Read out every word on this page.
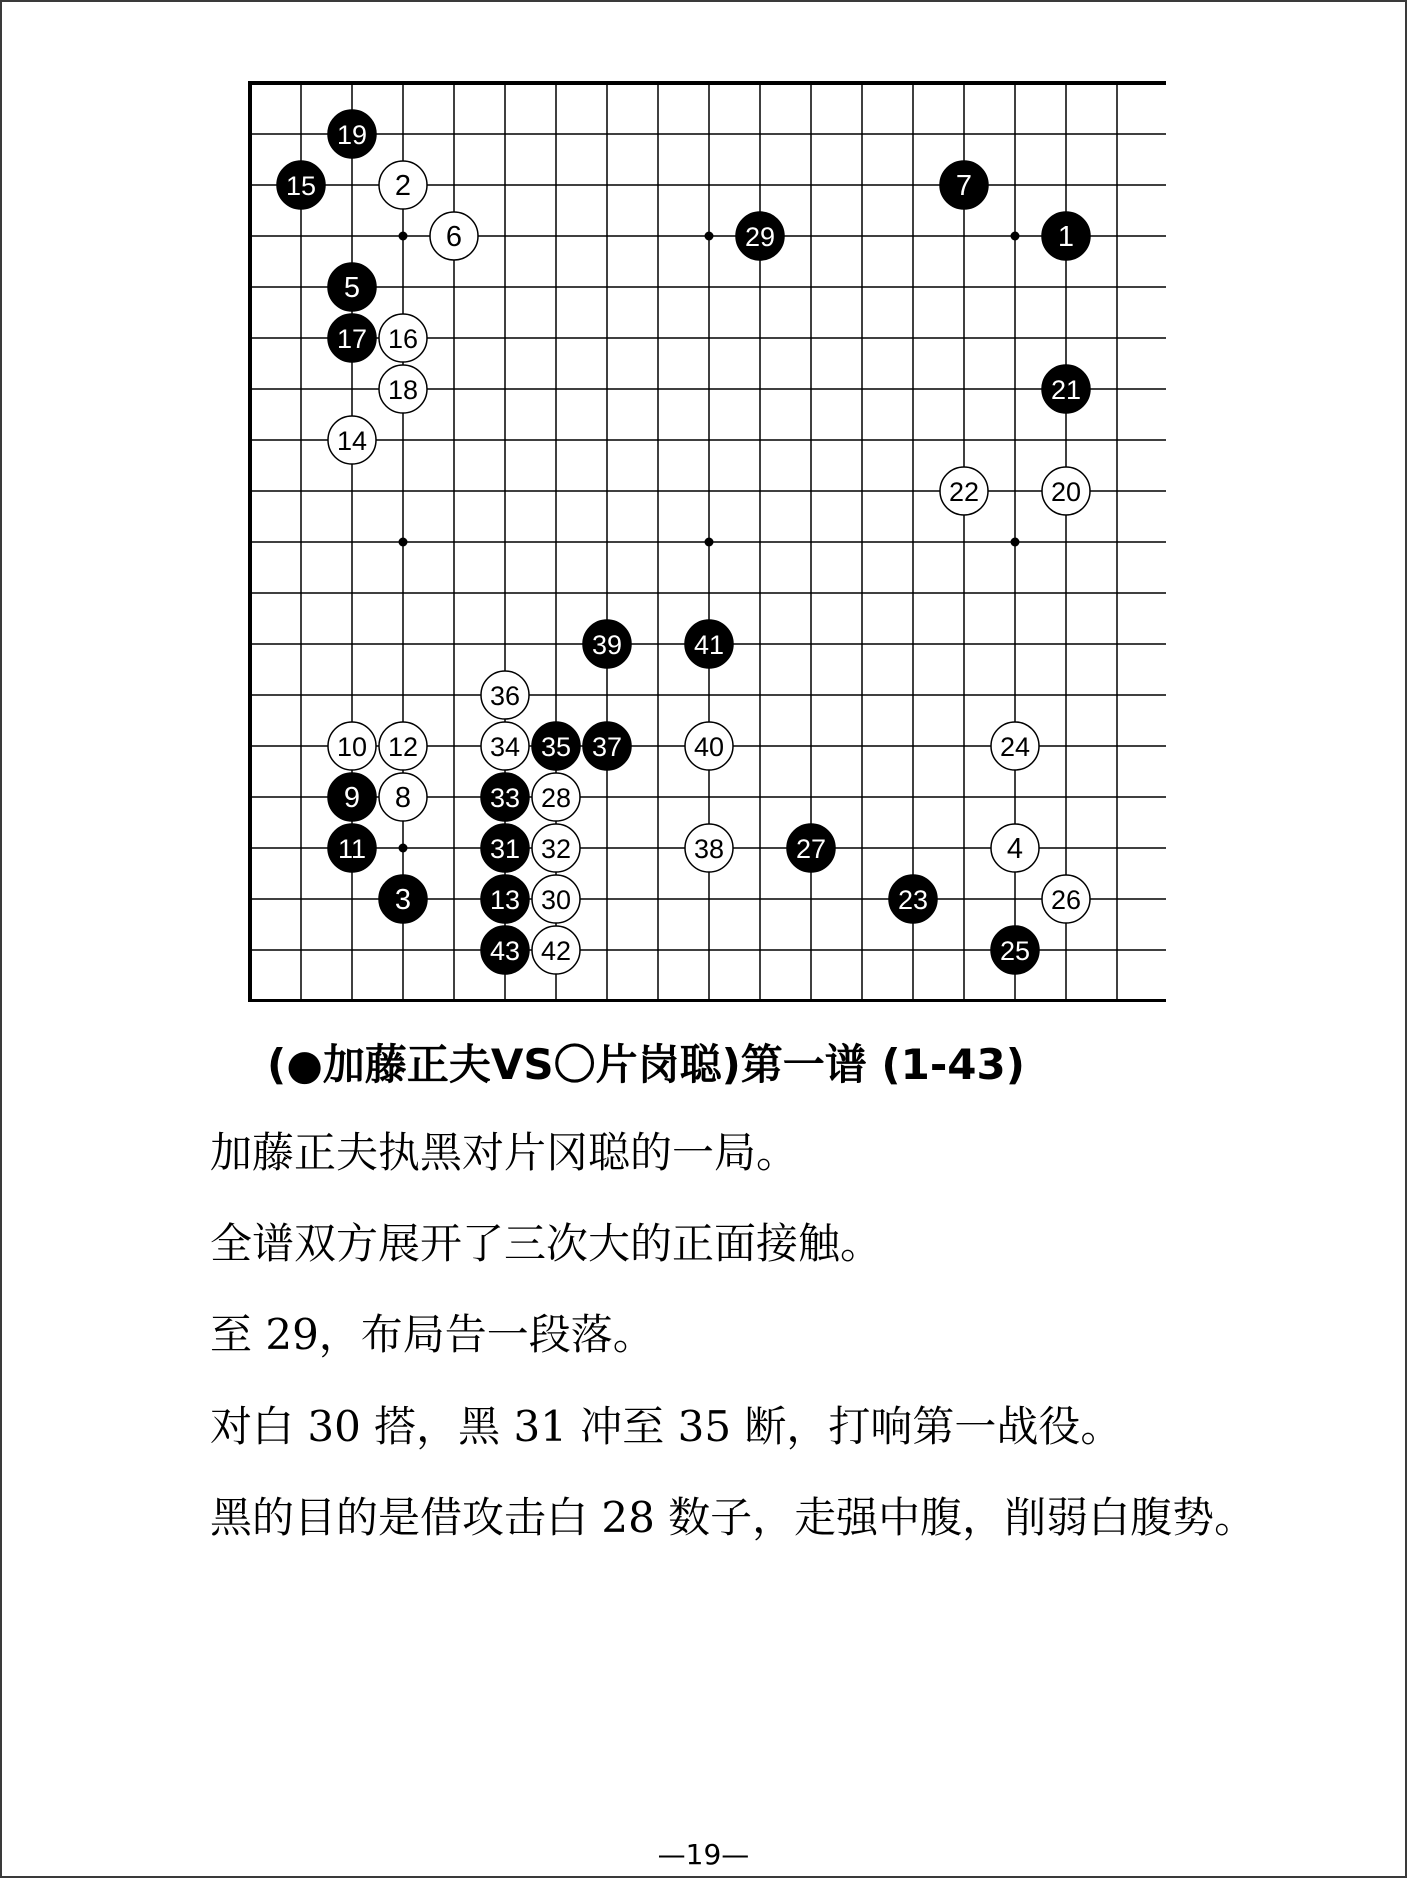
1
2
3
4
5
6
7
8
9
10
11
12
13
14
15
16
17
18
19
20
21
22
23
24
25
26
27
28
29
30
31 32
33
34 35
36
37
38
39
40
41
42
43
(●加藤正夫VS〇片岗聪)第一谱 (1-43)
加藤正夫执黑对片冈聪的一局。
全谱双方展开了三次大的正面接触。
至 29，布局告一段落。
对白 30 搭，黑 31 冲至 35 断，打响第一战役。
黑的目的是借攻击白 28 数子，走强中腹，削弱白腹势。
—19—
